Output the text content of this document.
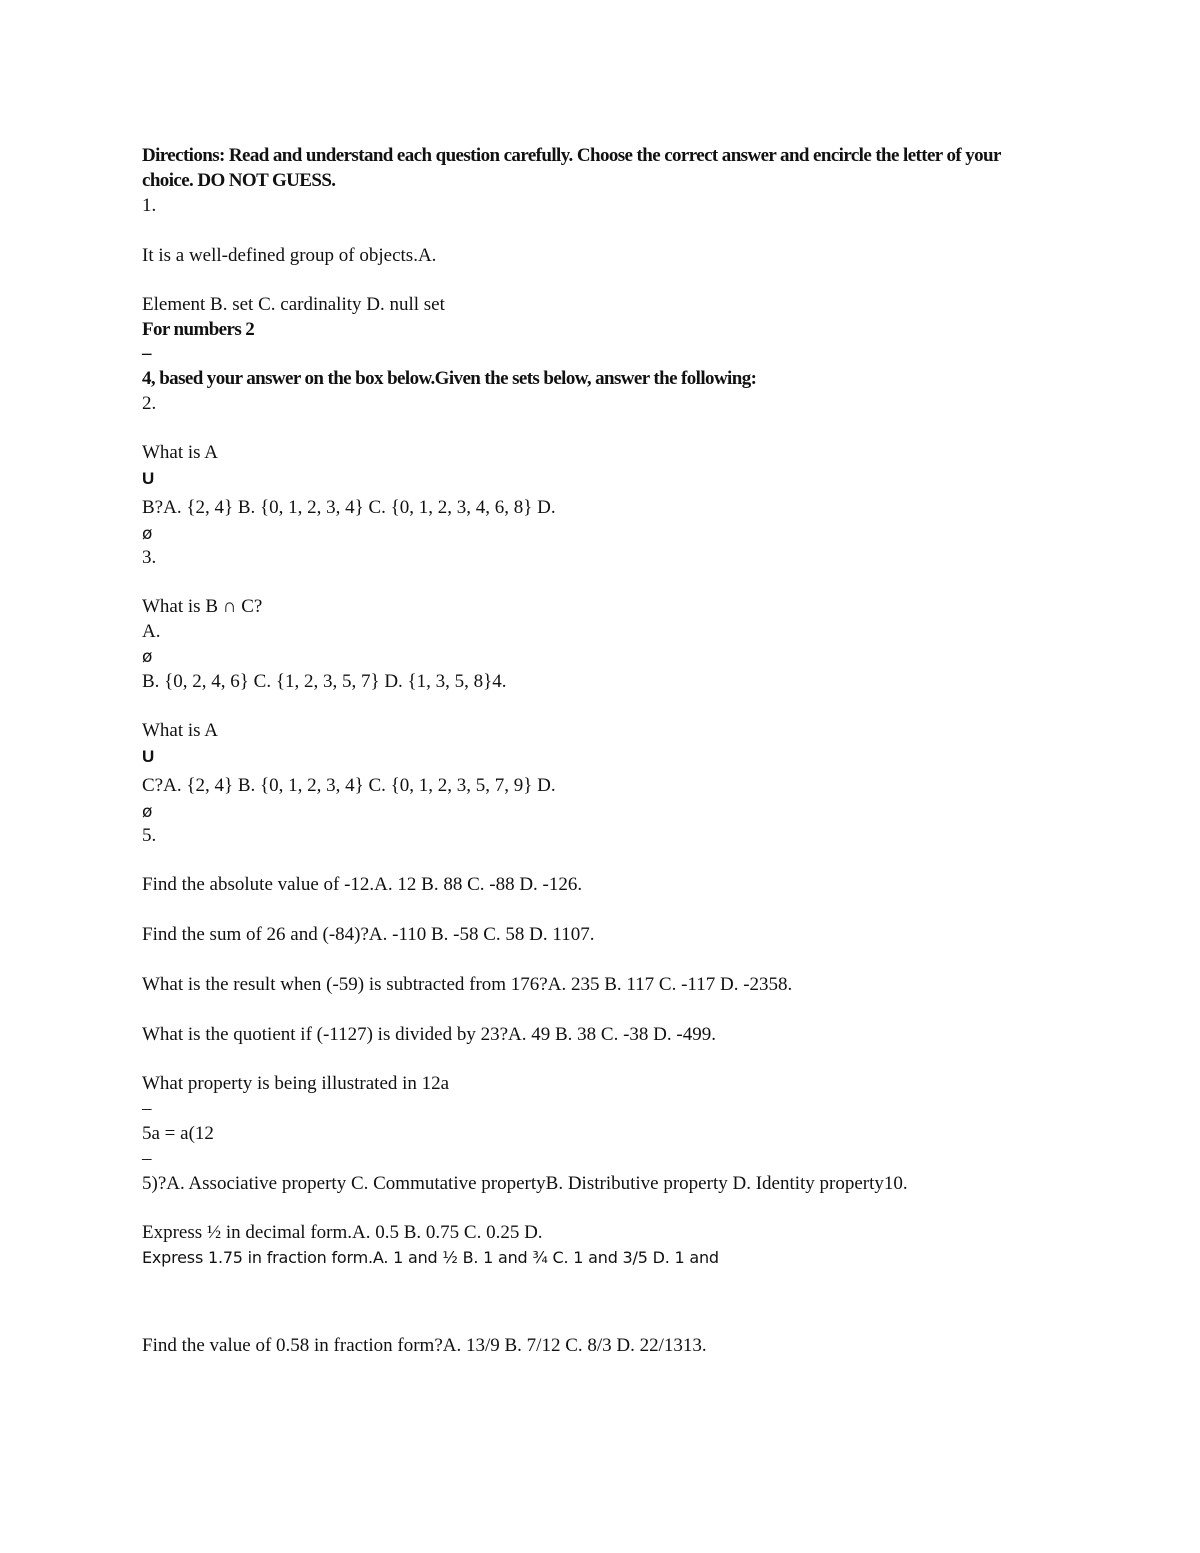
Directions: Read and understand each question carefully. Choose the correct answer and encircle the letter of your

choice. DO NOT GUESS.

1.

It is a well-defined group of objects.A.

Element B. set C. cardinality D. null set

For numbers 2

–

4, based your answer on the box below.Given the sets below, answer the following:

2.

What is A

U

B?A. {2, 4} B. {0, 1, 2, 3, 4} C. {0, 1, 2, 3, 4, 6, 8} D.

ø

3.

What is B ∩ C?

A.

ø

B. {0, 2, 4, 6} C. {1, 2, 3, 5, 7} D. {1, 3, 5, 8}4.

What is A

U

C?A. {2, 4} B. {0, 1, 2, 3, 4} C. {0, 1, 2, 3, 5, 7, 9} D.

ø

5.

Find the absolute value of -12.A. 12 B. 88 C. -88 D. -126.

Find the sum of 26 and (-84)?A. -110 B. -58 C. 58 D. 1107.

What is the result when (-59) is subtracted from 176?A. 235 B. 117 C. -117 D. -2358.

What is the quotient if (-1127) is divided by 23?A. 49 B. 38 C. -38 D. -499.

What property is being illustrated in 12a

–

5a = a(12

–

5)?A. Associative property C. Commutative propertyB. Distributive property D. Identity property10.

Express ½ in decimal form.A. 0.5 B. 0.75 C. 0.25 D.

Express 1.75 in fraction form.A. 1 and ½ B. 1 and ¾ C. 1 and 3/5 D. 1 and

Find the value of 0.58 in fraction form?A. 13/9 B. 7/12 C. 8/3 D. 22/1313.
